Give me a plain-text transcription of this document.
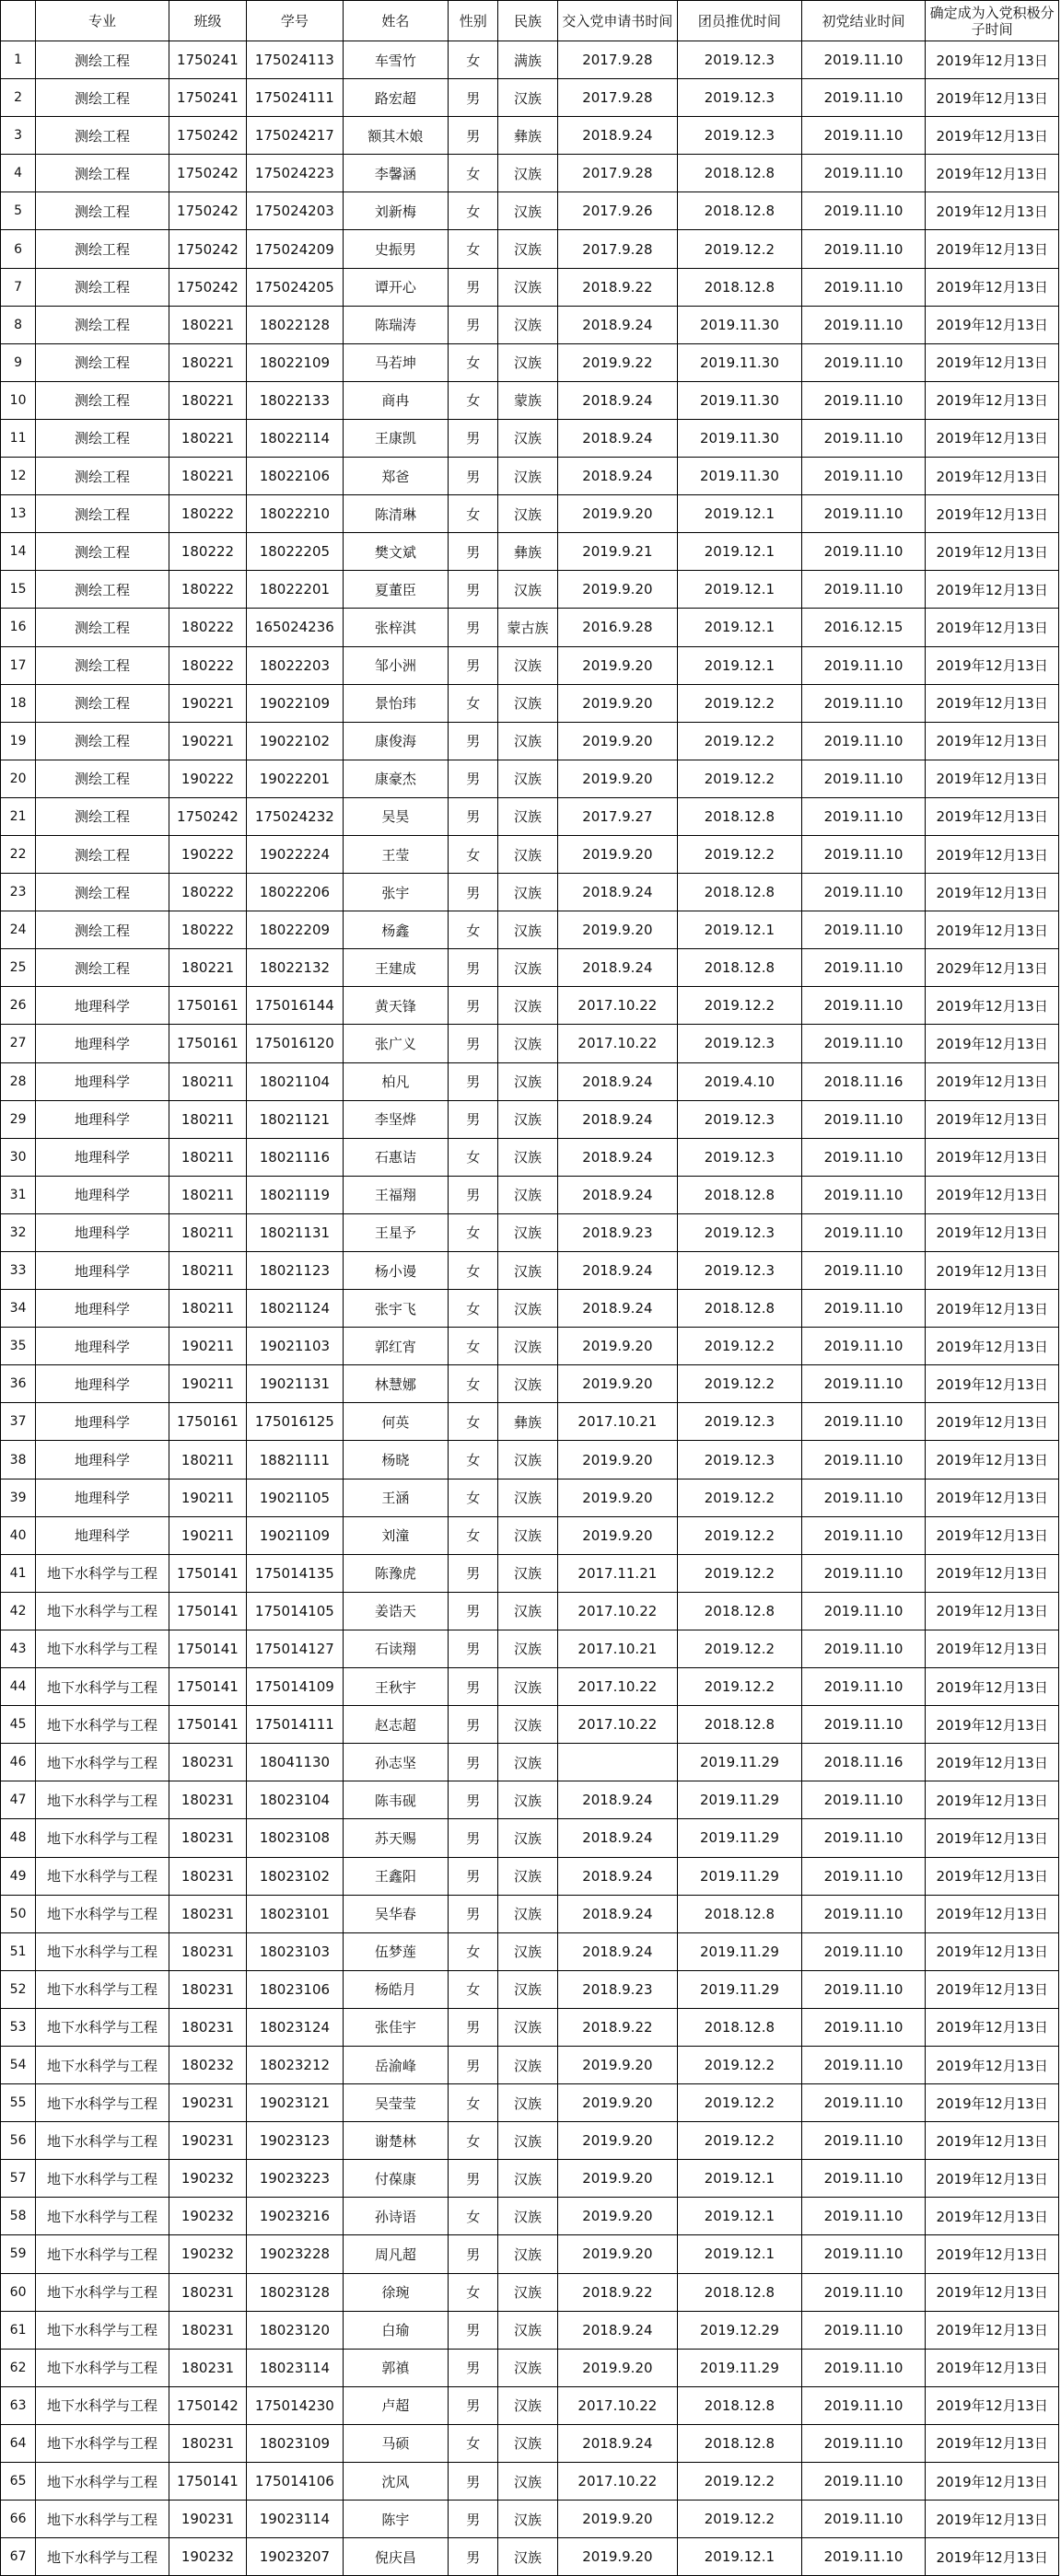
	专业	班级	学号	姓名	性别	民族	交入党申请书时间	团员推优时间	初党结业时间	确定成为入党积极分子时间
1	测绘工程	1750241	175024113	车雪竹	女	满族	2017.9.28	2019.12.3	2019.11.10	2019年12月13日
2	测绘工程	1750241	175024111	路宏超	男	汉族	2017.9.28	2019.12.3	2019.11.10	2019年12月13日
3	测绘工程	1750242	175024217	额其木娘	男	彝族	2018.9.24	2019.12.3	2019.11.10	2019年12月13日
4	测绘工程	1750242	175024223	李馨涵	女	汉族	2017.9.28	2018.12.8	2019.11.10	2019年12月13日
5	测绘工程	1750242	175024203	刘新梅	女	汉族	2017.9.26	2018.12.8	2019.11.10	2019年12月13日
6	测绘工程	1750242	175024209	史振男	女	汉族	2017.9.28	2019.12.2	2019.11.10	2019年12月13日
7	测绘工程	1750242	175024205	谭开心	男	汉族	2018.9.22	2018.12.8	2019.11.10	2019年12月13日
8	测绘工程	180221	18022128	陈瑞涛	男	汉族	2018.9.24	2019.11.30	2019.11.10	2019年12月13日
9	测绘工程	180221	18022109	马若坤	女	汉族	2019.9.22	2019.11.30	2019.11.10	2019年12月13日
10	测绘工程	180221	18022133	商冉	女	蒙族	2018.9.24	2019.11.30	2019.11.10	2019年12月13日
11	测绘工程	180221	18022114	王康凯	男	汉族	2018.9.24	2019.11.30	2019.11.10	2019年12月13日
12	测绘工程	180221	18022106	郑爸	男	汉族	2018.9.24	2019.11.30	2019.11.10	2019年12月13日
13	测绘工程	180222	18022210	陈清琳	女	汉族	2019.9.20	2019.12.1	2019.11.10	2019年12月13日
14	测绘工程	180222	18022205	樊文斌	男	彝族	2019.9.21	2019.12.1	2019.11.10	2019年12月13日
15	测绘工程	180222	18022201	夏董臣	男	汉族	2019.9.20	2019.12.1	2019.11.10	2019年12月13日
16	测绘工程	180222	165024236	张梓淇	男	蒙古族	2016.9.28	2019.12.1	2016.12.15	2019年12月13日
17	测绘工程	180222	18022203	邹小洲	男	汉族	2019.9.20	2019.12.1	2019.11.10	2019年12月13日
18	测绘工程	190221	19022109	景怡玮	女	汉族	2019.9.20	2019.12.2	2019.11.10	2019年12月13日
19	测绘工程	190221	19022102	康俊海	男	汉族	2019.9.20	2019.12.2	2019.11.10	2019年12月13日
20	测绘工程	190222	19022201	康豪杰	男	汉族	2019.9.20	2019.12.2	2019.11.10	2019年12月13日
21	测绘工程	1750242	175024232	吴昊	男	汉族	2017.9.27	2018.12.8	2019.11.10	2019年12月13日
22	测绘工程	190222	19022224	王莹	女	汉族	2019.9.20	2019.12.2	2019.11.10	2019年12月13日
23	测绘工程	180222	18022206	张宇	男	汉族	2018.9.24	2018.12.8	2019.11.10	2019年12月13日
24	测绘工程	180222	18022209	杨鑫	女	汉族	2019.9.20	2019.12.1	2019.11.10	2019年12月13日
25	测绘工程	180221	18022132	王建成	男	汉族	2018.9.24	2018.12.8	2019.11.10	2029年12月13日
26	地理科学	1750161	175016144	黄天锋	男	汉族	2017.10.22	2019.12.2	2019.11.10	2019年12月13日
27	地理科学	1750161	175016120	张广义	男	汉族	2017.10.22	2019.12.3	2019.11.10	2019年12月13日
28	地理科学	180211	18021104	柏凡	男	汉族	2018.9.24	2019.4.10	2018.11.16	2019年12月13日
29	地理科学	180211	18021121	李坚烨	男	汉族	2018.9.24	2019.12.3	2019.11.10	2019年12月13日
30	地理科学	180211	18021116	石惠诘	女	汉族	2018.9.24	2019.12.3	2019.11.10	2019年12月13日
31	地理科学	180211	18021119	王福翔	男	汉族	2018.9.24	2018.12.8	2019.11.10	2019年12月13日
32	地理科学	180211	18021131	王星予	女	汉族	2018.9.23	2019.12.3	2019.11.10	2019年12月13日
33	地理科学	180211	18021123	杨小谩	女	汉族	2018.9.24	2019.12.3	2019.11.10	2019年12月13日
34	地理科学	180211	18021124	张宇飞	女	汉族	2018.9.24	2018.12.8	2019.11.10	2019年12月13日
35	地理科学	190211	19021103	郭红宵	女	汉族	2019.9.20	2019.12.2	2019.11.10	2019年12月13日
36	地理科学	190211	19021131	林慧娜	女	汉族	2019.9.20	2019.12.2	2019.11.10	2019年12月13日
37	地理科学	1750161	175016125	何英	女	彝族	2017.10.21	2019.12.3	2019.11.10	2019年12月13日
38	地理科学	180211	18821111	杨晓	女	汉族	2019.9.20	2019.12.3	2019.11.10	2019年12月13日
39	地理科学	190211	19021105	王涵	女	汉族	2019.9.20	2019.12.2	2019.11.10	2019年12月13日
40	地理科学	190211	19021109	刘潼	女	汉族	2019.9.20	2019.12.2	2019.11.10	2019年12月13日
41	地下水科学与工程	1750141	175014135	陈豫虎	男	汉族	2017.11.21	2019.12.2	2019.11.10	2019年12月13日
42	地下水科学与工程	1750141	175014105	姜诰天	男	汉族	2017.10.22	2018.12.8	2019.11.10	2019年12月13日
43	地下水科学与工程	1750141	175014127	石读翔	男	汉族	2017.10.21	2019.12.2	2019.11.10	2019年12月13日
44	地下水科学与工程	1750141	175014109	王秋宇	男	汉族	2017.10.22	2019.12.2	2019.11.10	2019年12月13日
45	地下水科学与工程	1750141	175014111	赵志超	男	汉族	2017.10.22	2018.12.8	2019.11.10	2019年12月13日
46	地下水科学与工程	180231	18041130	孙志坚	男	汉族		2019.11.29	2018.11.16	2019年12月13日
47	地下水科学与工程	180231	18023104	陈韦砚	男	汉族	2018.9.24	2019.11.29	2019.11.10	2019年12月13日
48	地下水科学与工程	180231	18023108	苏天赐	男	汉族	2018.9.24	2019.11.29	2019.11.10	2019年12月13日
49	地下水科学与工程	180231	18023102	王鑫阳	男	汉族	2018.9.24	2019.11.29	2019.11.10	2019年12月13日
50	地下水科学与工程	180231	18023101	吴华春	男	汉族	2018.9.24	2018.12.8	2019.11.10	2019年12月13日
51	地下水科学与工程	180231	18023103	伍梦莲	女	汉族	2018.9.24	2019.11.29	2019.11.10	2019年12月13日
52	地下水科学与工程	180231	18023106	杨皓月	女	汉族	2018.9.23	2019.11.29	2019.11.10	2019年12月13日
53	地下水科学与工程	180231	18023124	张佳宇	男	汉族	2018.9.22	2018.12.8	2019.11.10	2019年12月13日
54	地下水科学与工程	180232	18023212	岳渝峰	男	汉族	2019.9.20	2019.12.2	2019.11.10	2019年12月13日
55	地下水科学与工程	190231	19023121	吴莹莹	女	汉族	2019.9.20	2019.12.2	2019.11.10	2019年12月13日
56	地下水科学与工程	190231	19023123	谢楚林	女	汉族	2019.9.20	2019.12.2	2019.11.10	2019年12月13日
57	地下水科学与工程	190232	19023223	付葆康	男	汉族	2019.9.20	2019.12.1	2019.11.10	2019年12月13日
58	地下水科学与工程	190232	19023216	孙诗语	女	汉族	2019.9.20	2019.12.1	2019.11.10	2019年12月13日
59	地下水科学与工程	190232	19023228	周凡超	男	汉族	2019.9.20	2019.12.1	2019.11.10	2019年12月13日
60	地下水科学与工程	180231	18023128	徐琬	女	汉族	2018.9.22	2018.12.8	2019.11.10	2019年12月13日
61	地下水科学与工程	180231	18023120	白瑜	男	汉族	2018.9.24	2019.12.29	2019.11.10	2019年12月13日
62	地下水科学与工程	180231	18023114	郭禛	男	汉族	2019.9.20	2019.11.29	2019.11.10	2019年12月13日
63	地下水科学与工程	1750142	175014230	卢超	男	汉族	2017.10.22	2018.12.8	2019.11.10	2019年12月13日
64	地下水科学与工程	180231	18023109	马硕	女	汉族	2018.9.24	2018.12.8	2019.11.10	2019年12月13日
65	地下水科学与工程	1750141	175014106	沈风	男	汉族	2017.10.22	2019.12.2	2019.11.10	2019年12月13日
66	地下水科学与工程	190231	19023114	陈宇	男	汉族	2019.9.20	2019.12.2	2019.11.10	2019年12月13日
67	地下水科学与工程	190232	19023207	倪庆昌	男	汉族	2019.9.20	2019.12.1	2019.11.10	2019年12月13日
